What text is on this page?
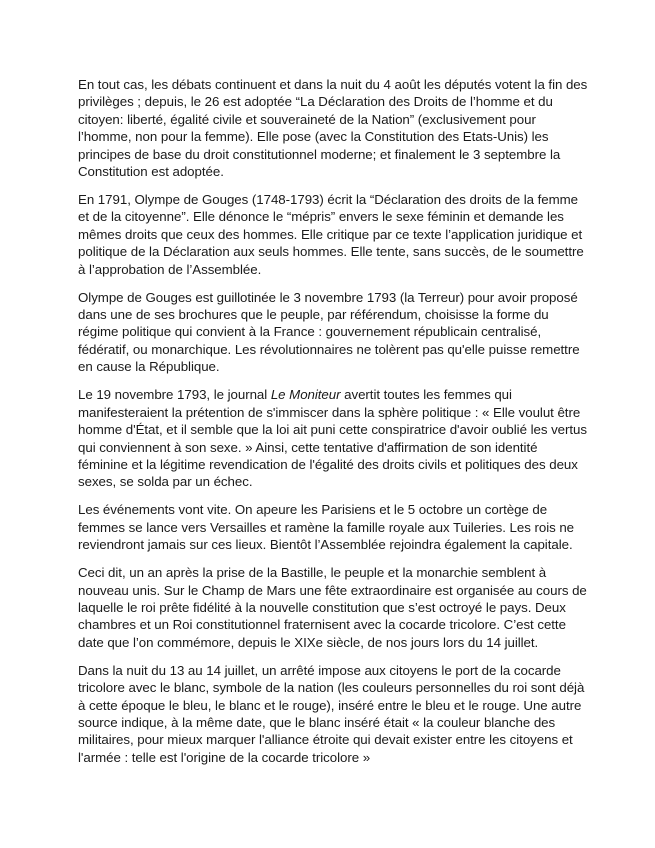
En tout cas, les débats continuent et dans la nuit du 4 août les députés votent la fin des privilèges ; depuis, le 26 est adoptée “La Déclaration des Droits de l’homme et du citoyen: liberté, égalité civile et souveraineté de la Nation” (exclusivement pour l’homme, non pour la femme). Elle pose (avec la Constitution des Etats-Unis) les principes de base du droit constitutionnel moderne; et finalement le 3 septembre la Constitution est adoptée.

En 1791, Olympe de Gouges (1748-1793) écrit la “Déclaration des droits de la femme et de la citoyenne”. Elle dénonce le “mépris” envers le sexe féminin et demande les mêmes droits que ceux des hommes. Elle critique par ce texte l’application juridique et politique de la Déclaration aux seuls hommes. Elle tente, sans succès, de le soumettre à l’approbation de l’Assemblée.

Olympe de Gouges est guillotinée le 3 novembre 1793 (la Terreur) pour avoir proposé dans une de ses brochures que le peuple, par référendum, choisisse la forme du régime politique qui convient à la France : gouvernement républicain centralisé, fédératif, ou monarchique. Les révolutionnaires ne tolèrent pas qu'elle puisse remettre en cause la République.

Le 19 novembre 1793, le journal Le Moniteur avertit toutes les femmes qui manifesteraient la prétention de s'immiscer dans la sphère politique : « Elle voulut être homme d'État, et il semble que la loi ait puni cette conspiratrice d'avoir oublié les vertus qui conviennent à son sexe. » Ainsi, cette tentative d'affirmation de son identité féminine et la légitime revendication de l'égalité des droits civils et politiques des deux sexes, se solda par un échec.

Les événements vont vite. On apeure les Parisiens et le 5 octobre un cortège de femmes se lance vers Versailles et ramène la famille royale aux Tuileries. Les rois ne reviendront jamais sur ces lieux. Bientôt l’Assemblée rejoindra également la capitale.

Ceci dit, un an après la prise de la Bastille, le peuple et la monarchie semblent à nouveau unis. Sur le Champ de Mars une fête extraordinaire est organisée au cours de laquelle le roi prête fidélité à la nouvelle constitution que s’est octroyé le pays. Deux chambres et un Roi constitutionnel fraternisent avec la cocarde tricolore. C’est cette date que l’on commémore, depuis le XIXe siècle, de nos jours lors du 14 juillet.

Dans la nuit du 13 au 14 juillet, un arrêté impose aux citoyens le port de la cocarde tricolore avec le blanc, symbole de la nation (les couleurs personnelles du roi sont déjà à cette époque le bleu, le blanc et le rouge), inséré entre le bleu et le rouge. Une autre source indique, à la même date, que le blanc inséré était « la couleur blanche des militaires, pour mieux marquer l'alliance étroite qui devait exister entre les citoyens et l'armée : telle est l'origine de la cocarde tricolore »
